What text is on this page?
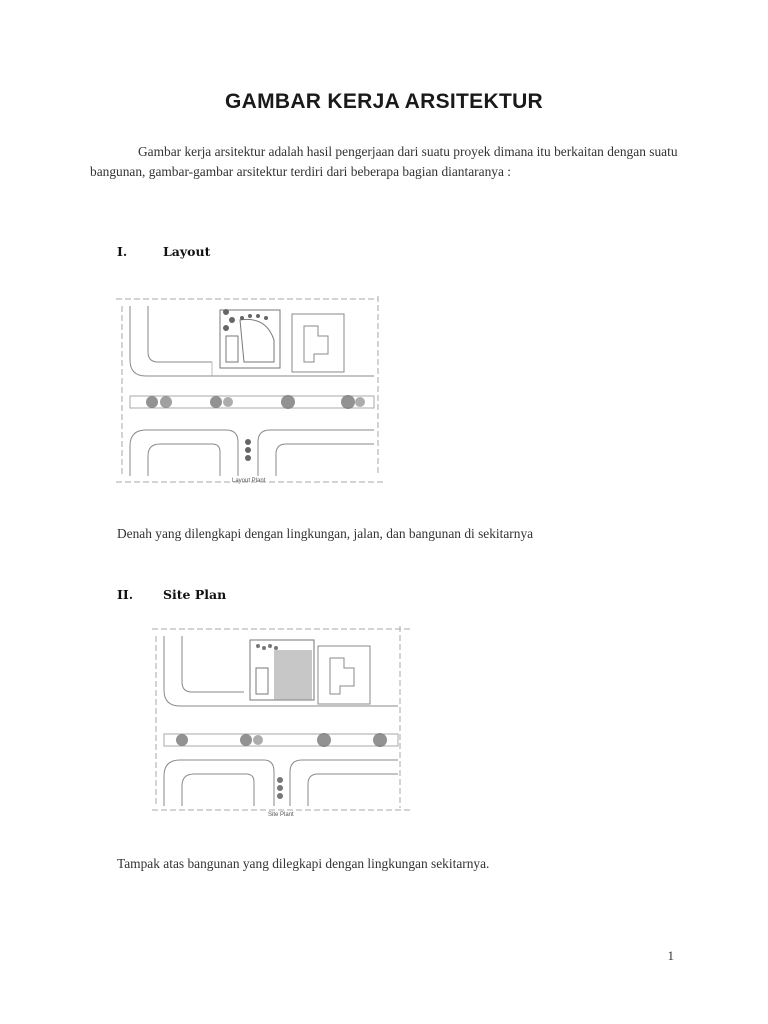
GAMBAR KERJA ARSITEKTUR

Gambar kerja arsitektur adalah hasil pengerjaan dari suatu proyek dimana itu berkaitan dengan suatu bangunan, gambar-gambar arsitektur terdiri dari beberapa bagian diantaranya :

I.	Layout
Layout Plant

Denah yang dilengkapi dengan lingkungan, jalan, dan bangunan di sekitarnya

II. Site Plan
Site Plant

Tampak atas bangunan yang dilegkapi dengan lingkungan sekitarnya.

1
